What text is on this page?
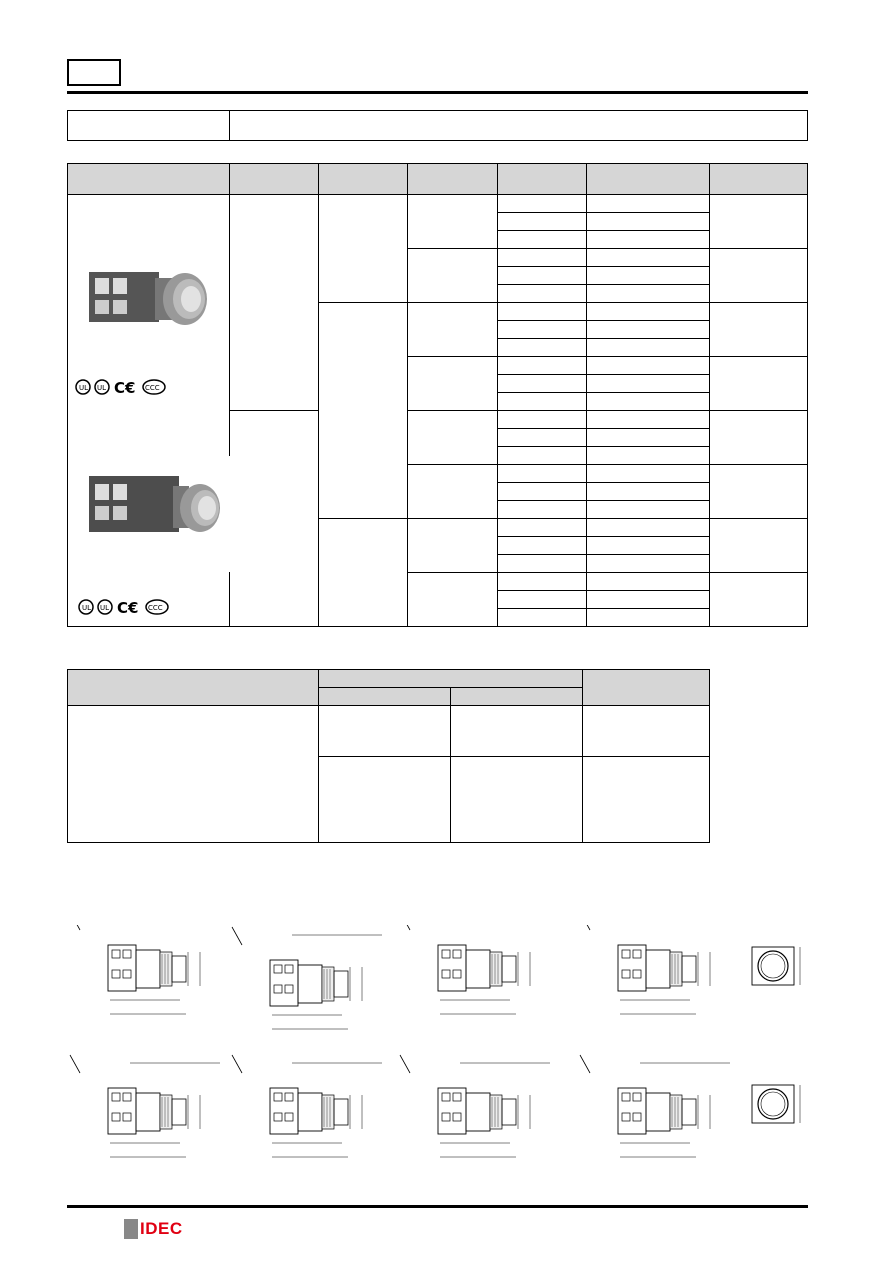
UL UL C € CCC
UL UL C € CCC
IDEC
